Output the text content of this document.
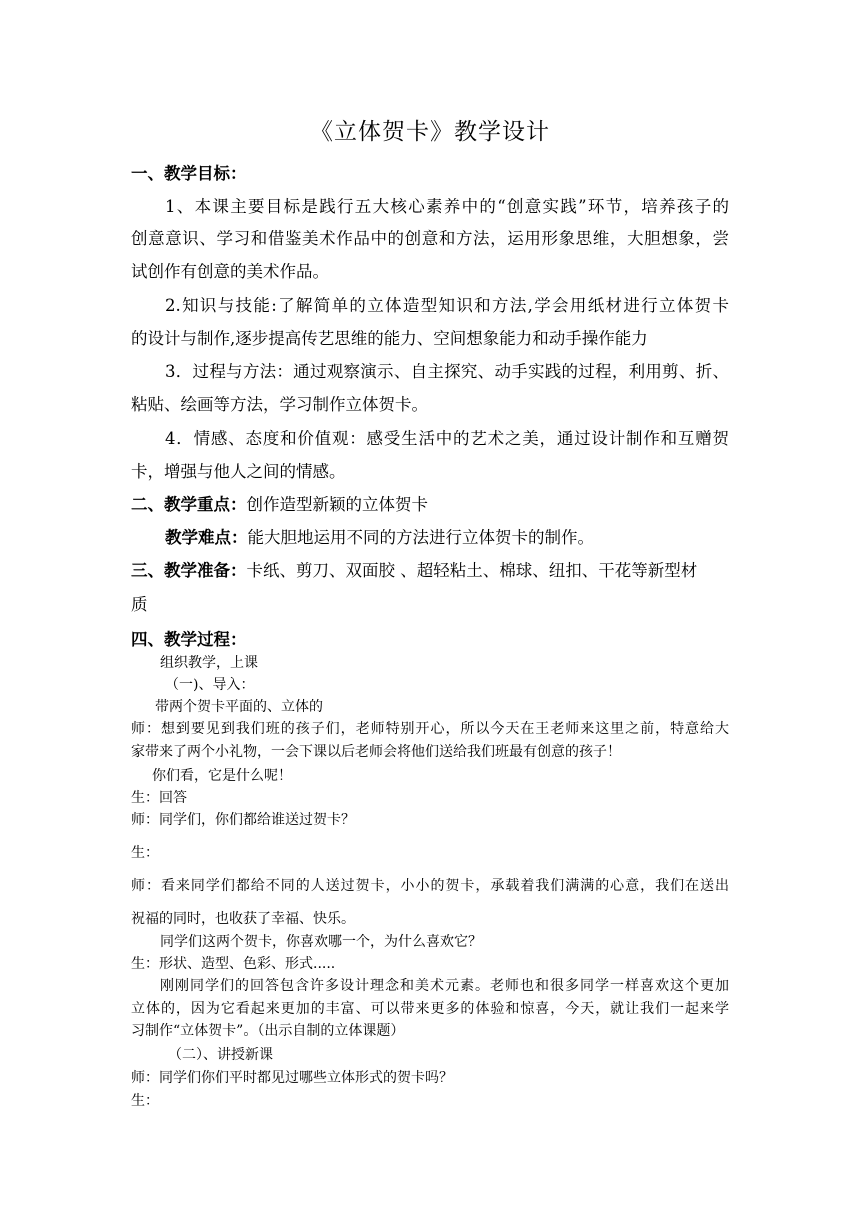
《立体贺卡》教学设计
一、教学目标：
1、本课主要目标是践行五大核心素养中的“创意实践”环节，培养孩子的
创意意识、学习和借鉴美术作品中的创意和方法，运用形象思维，大胆想象，尝
试创作有创意的美术作品。
2.知识与技能:了解简单的立体造型知识和方法,学会用纸材进行立体贺卡
的设计与制作,逐步提高传艺思维的能力、空间想象能力和动手操作能力
3．过程与方法：通过观察演示、自主探究、动手实践的过程，利用剪、折、
粘贴、绘画等方法，学习制作立体贺卡。
4．情感、态度和价值观：感受生活中的艺术之美，通过设计制作和互赠贺
卡，增强与他人之间的情感。
二、教学重点：创作造型新颖的立体贺卡
教学难点：能大胆地运用不同的方法进行立体贺卡的制作。
三、教学准备：卡纸、剪刀、双面胶 、超轻粘土、棉球、纽扣、干花等新型材
质
四、教学过程：
组织教学，上课
（一)、导入：
带两个贺卡平面的、立体的
师：想到要见到我们班的孩子们，老师特别开心，所以今天在王老师来这里之前，特意给大
家带来了两个小礼物，一会下课以后老师会将他们送给我们班最有创意的孩子！
你们看，它是什么呢！
生：回答
师：同学们，你们都给谁送过贺卡？
生：
师：看来同学们都给不同的人送过贺卡，小小的贺卡，承载着我们满满的心意，我们在送出
祝福的同时，也收获了幸福、快乐。
同学们这两个贺卡，你喜欢哪一个，为什么喜欢它？
生：形状、造型、色彩、形式.....
刚刚同学们的回答包含许多设计理念和美术元素。老师也和很多同学一样喜欢这个更加
立体的，因为它看起来更加的丰富、可以带来更多的体验和惊喜，今天，就让我们一起来学
习制作“立体贺卡”。（出示自制的立体课题）
（二）、讲授新课
师：同学们你们平时都见过哪些立体形式的贺卡吗？
生：
